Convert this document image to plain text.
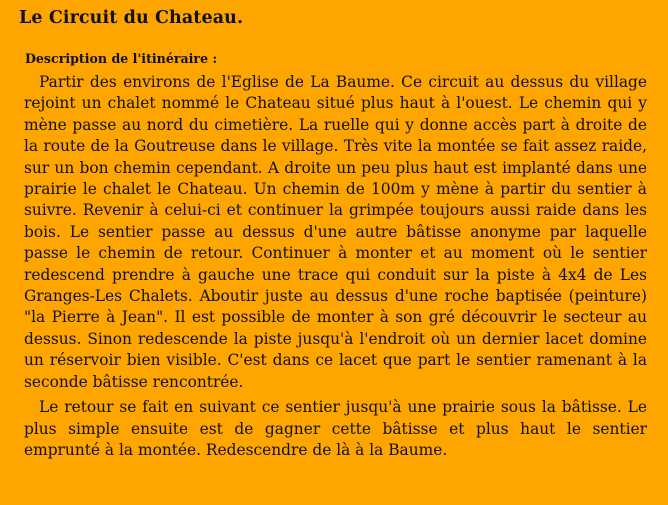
Le Circuit du Chateau.
Description de l'itinéraire :

Partir des environs de l'Eglise de La Baume. Ce circuit au dessus du village rejoint un chalet nommé le Chateau situé plus haut à l'ouest. Le chemin qui y mène passe au nord du cimetière. La ruelle qui y donne accès part à droite de la route de la Goutreuse dans le village. Très vite la montée se fait assez raide, sur un bon chemin cependant. A droite un peu plus haut est implanté dans une prairie le chalet le Chateau. Un chemin de 100m y mène à partir du sentier à suivre. Revenir à celui-ci et continuer la grimpée toujours aussi raide dans les bois. Le sentier passe au dessus d'une autre bâtisse anonyme par laquelle passe le chemin de retour. Continuer à monter et au moment où le sentier redescend prendre à gauche une trace qui conduit sur la piste à 4x4 de Les Granges-Les Chalets. Aboutir juste au dessus d'une roche baptisée (peinture) "la Pierre à Jean". Il est possible de monter à son gré découvrir le secteur au dessus. Sinon redescende la piste jusqu'à l'endroit où un dernier lacet domine un réservoir bien visible. C'est dans ce lacet que part le sentier ramenant à la seconde bâtisse rencontrée.

Le retour se fait en suivant ce sentier jusqu'à une prairie sous la bâtisse. Le plus simple ensuite est de gagner cette bâtisse et plus haut le sentier emprunté à la montée. Redescendre de là à la Baume.
